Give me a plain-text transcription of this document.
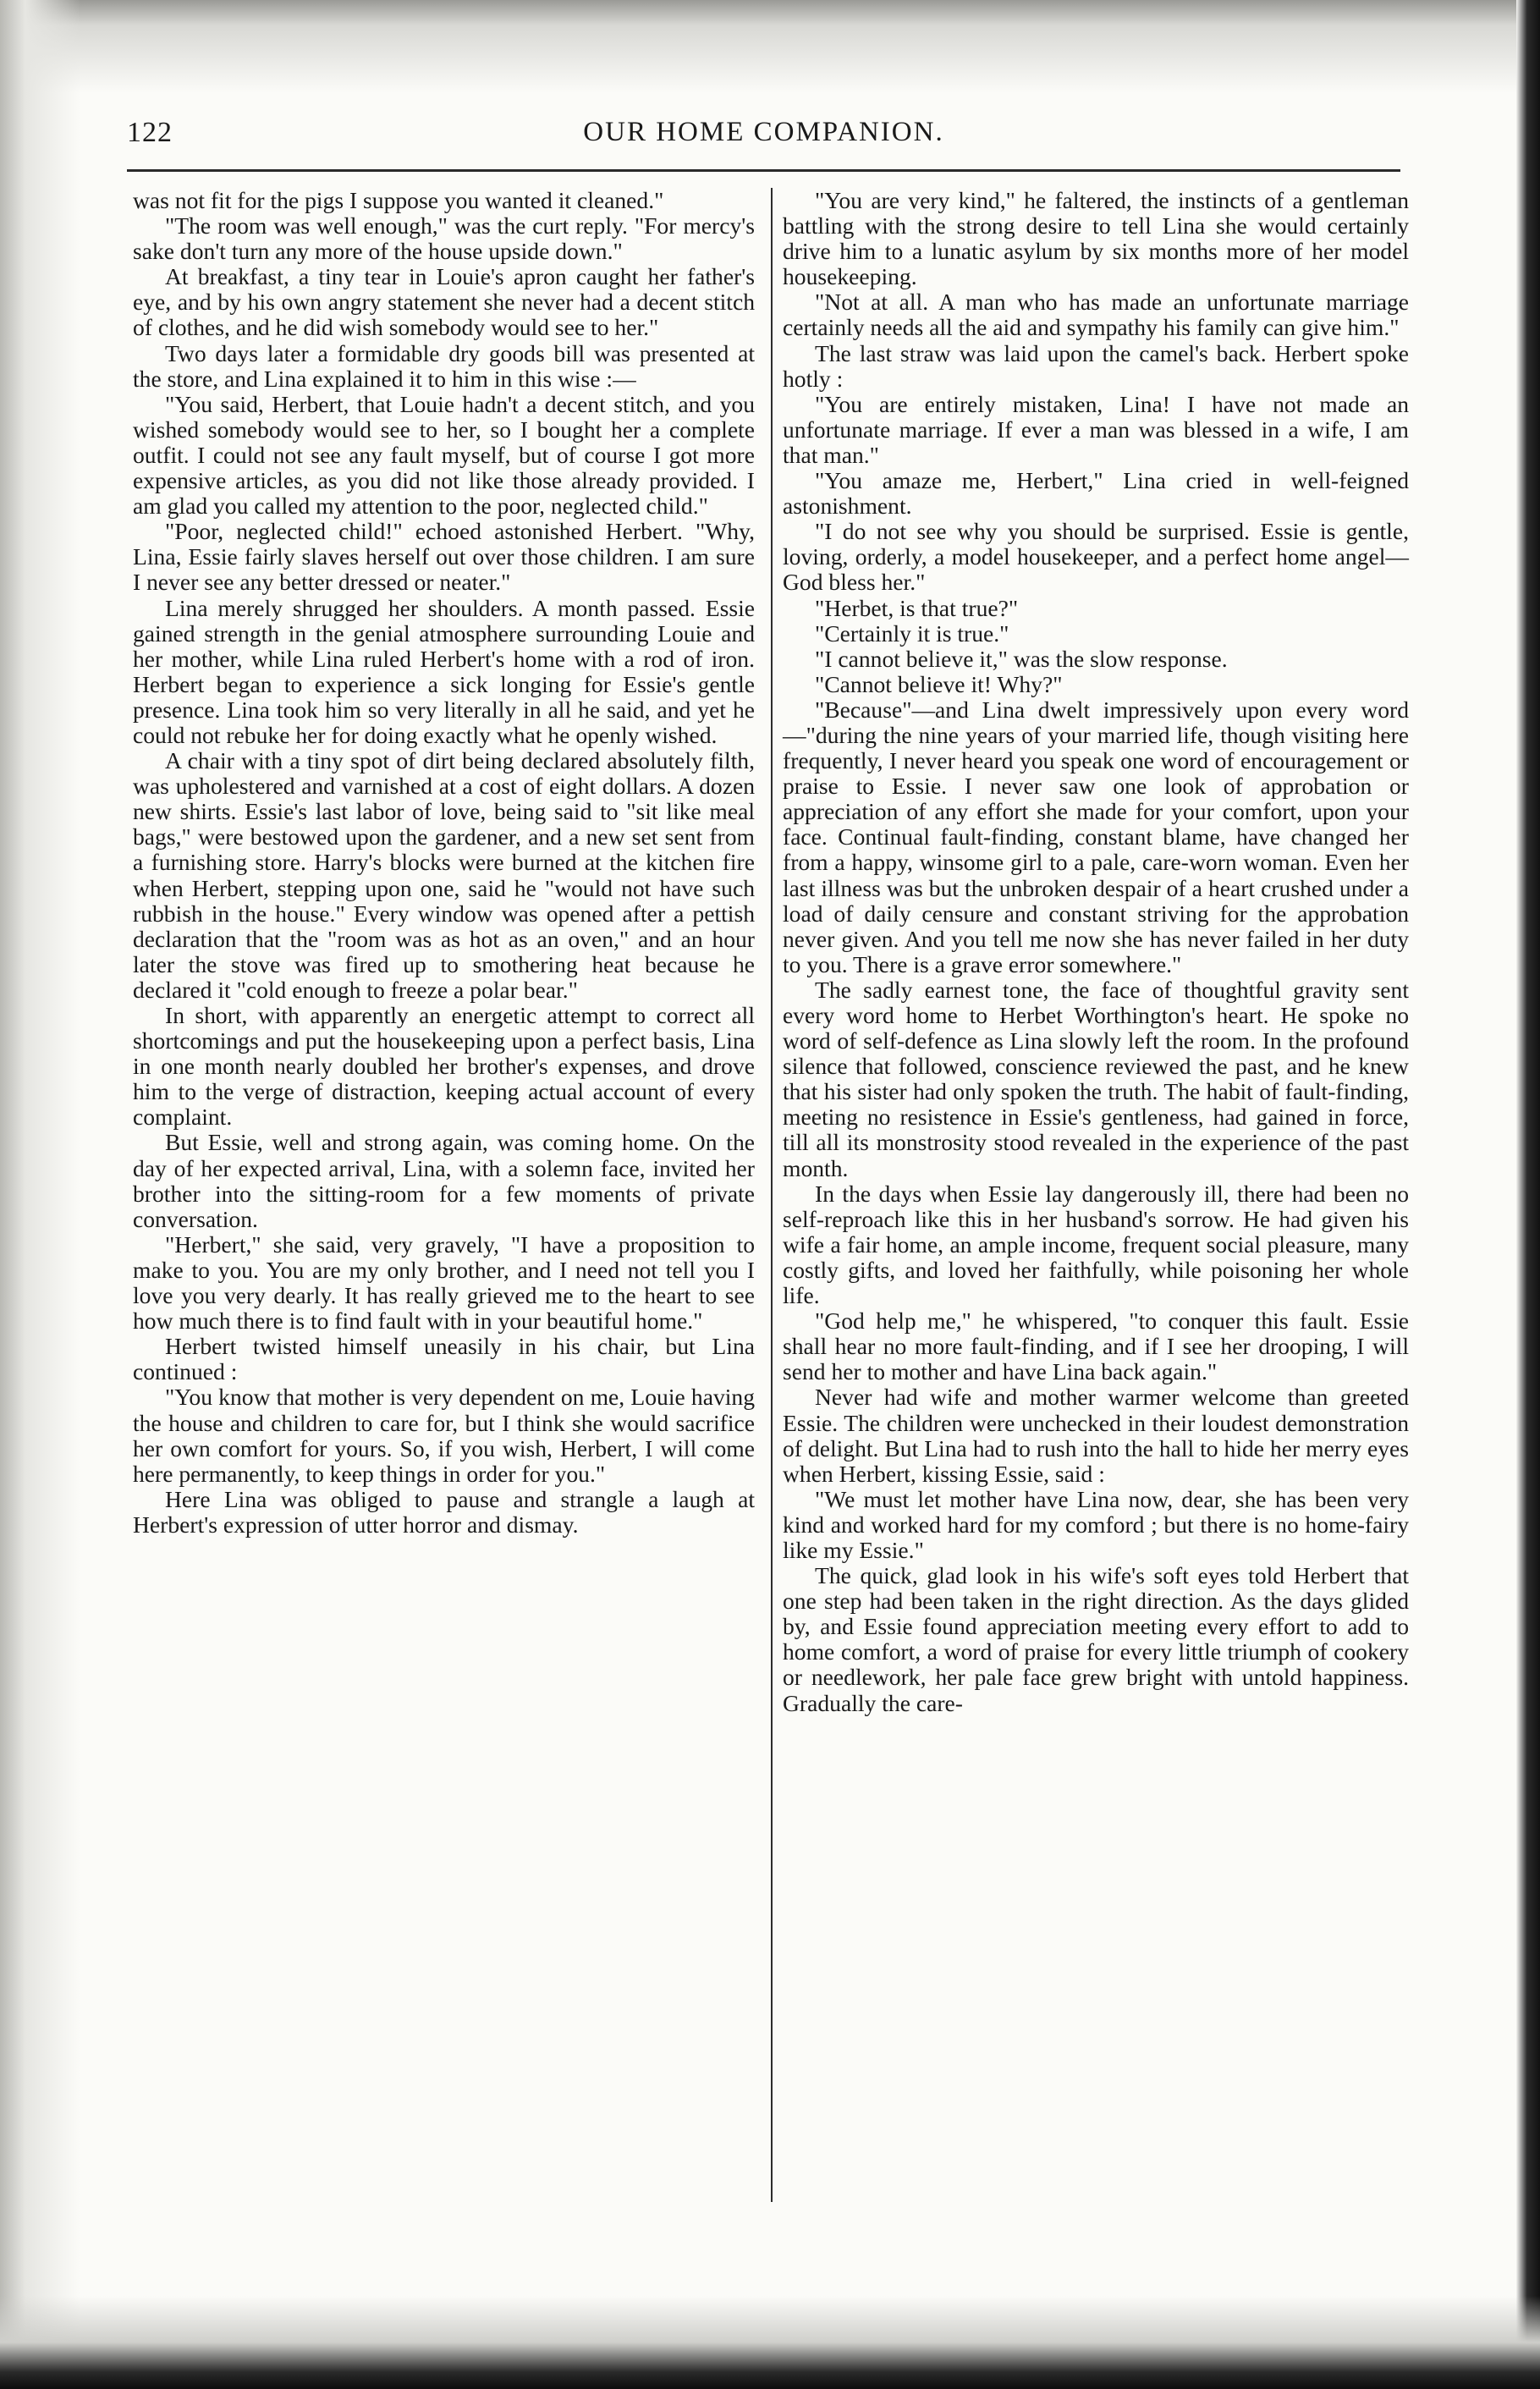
122	OUR HOME COMPANION.

was not fit for the pigs I suppose you wanted it cleaned."

"The room was well enough," was the curt reply. "For mercy's sake don't turn any more of the house upside down."

At breakfast, a tiny tear in Louie's apron caught her father's eye, and by his own angry statement she never had a decent stitch of clothes, and he did wish somebody would see to her."

Two days later a formidable dry goods bill was presented at the store, and Lina explained it to him in this wise :—

"You said, Herbert, that Louie hadn't a decent stitch, and you wished somebody would see to her, so I bought her a complete outfit. I could not see any fault myself, but of course I got more expensive articles, as you did not like those already provided. I am glad you called my attention to the poor, neglected child."

"Poor, neglected child!" echoed astonished Herbert. "Why, Lina, Essie fairly slaves herself out over those children. I am sure I never see any better dressed or neater."

Lina merely shrugged her shoulders. A month passed. Essie gained strength in the genial atmosphere surrounding Louie and her mother, while Lina ruled Herbert's home with a rod of iron. Herbert began to experience a sick longing for Essie's gentle presence. Lina took him so very literally in all he said, and yet he could not rebuke her for doing exactly what he openly wished.

A chair with a tiny spot of dirt being declared absolutely filth, was upholestered and varnished at a cost of eight dollars. A dozen new shirts. Essie's last labor of love, being said to "sit like meal bags," were bestowed upon the gardener, and a new set sent from a furnishing store. Harry's blocks were burned at the kitchen fire when Herbert, stepping upon one, said he "would not have such rubbish in the house." Every window was opened after a pettish declaration that the "room was as hot as an oven," and an hour later the stove was fired up to smothering heat because he declared it "cold enough to freeze a polar bear."

In short, with apparently an energetic attempt to correct all shortcomings and put the housekeeping upon a perfect basis, Lina in one month nearly doubled her brother's expenses, and drove him to the verge of distraction, keeping actual account of every complaint.

But Essie, well and strong again, was coming home. On the day of her expected arrival, Lina, with a solemn face, invited her brother into the sitting-room for a few moments of private conversation.

"Herbert," she said, very gravely, "I have a proposition to make to you. You are my only brother, and I need not tell you I love you very dearly. It has really grieved me to the heart to see how much there is to find fault with in your beautiful home."

Herbert twisted himself uneasily in his chair, but Lina continued :

"You know that mother is very dependent on me, Louie having the house and children to care for, but I think she would sacrifice her own comfort for yours. So, if you wish, Herbert, I will come here permanently, to keep things in order for you."

Here Lina was obliged to pause and strangle a laugh at Herbert's expression of utter horror and dismay.

"You are very kind," he faltered, the instincts of a gentleman battling with the strong desire to tell Lina she would certainly drive him to a lunatic asylum by six months more of her model housekeeping.

"Not at all. A man who has made an unfortunate marriage certainly needs all the aid and sympathy his family can give him."

The last straw was laid upon the camel's back. Herbert spoke hotly :

"You are entirely mistaken, Lina! I have not made an unfortunate marriage. If ever a man was blessed in a wife, I am that man."

"You amaze me, Herbert," Lina cried in well-feigned astonishment.

"I do not see why you should be surprised. Essie is gentle, loving, orderly, a model housekeeper, and a perfect home angel—God bless her."

"Herbet, is that true?"

"Certainly it is true."

"I cannot believe it," was the slow response.

"Cannot believe it! Why?"

"Because"—and Lina dwelt impressively upon every word—"during the nine years of your married life, though visiting here frequently, I never heard you speak one word of encouragement or praise to Essie. I never saw one look of approbation or appreciation of any effort she made for your comfort, upon your face. Continual fault-finding, constant blame, have changed her from a happy, winsome girl to a pale, care-worn woman. Even her last illness was but the unbroken despair of a heart crushed under a load of daily censure and constant striving for the approbation never given. And you tell me now she has never failed in her duty to you. There is a grave error somewhere."

The sadly earnest tone, the face of thoughtful gravity sent every word home to Herbet Worthington's heart. He spoke no word of self-defence as Lina slowly left the room. In the profound silence that followed, conscience reviewed the past, and he knew that his sister had only spoken the truth. The habit of fault-finding, meeting no resistence in Essie's gentleness, had gained in force, till all its monstrosity stood revealed in the experience of the past month.

In the days when Essie lay dangerously ill, there had been no self-reproach like this in her husband's sorrow. He had given his wife a fair home, an ample income, frequent social pleasure, many costly gifts, and loved her faithfully, while poisoning her whole life.

"God help me," he whispered, "to conquer this fault. Essie shall hear no more fault-finding, and if I see her drooping, I will send her to mother and have Lina back again."

Never had wife and mother warmer welcome than greeted Essie. The children were unchecked in their loudest demonstration of delight. But Lina had to rush into the hall to hide her merry eyes when Herbert, kissing Essie, said :

"We must let mother have Lina now, dear, she has been very kind and worked hard for my comford ; but there is no home-fairy like my Essie."

The quick, glad look in his wife's soft eyes told Herbert that one step had been taken in the right direction. As the days glided by, and Essie found appreciation meeting every effort to add to home comfort, a word of praise for every little triumph of cookery or needlework, her pale face grew bright with untold happiness. Gradually the care-
